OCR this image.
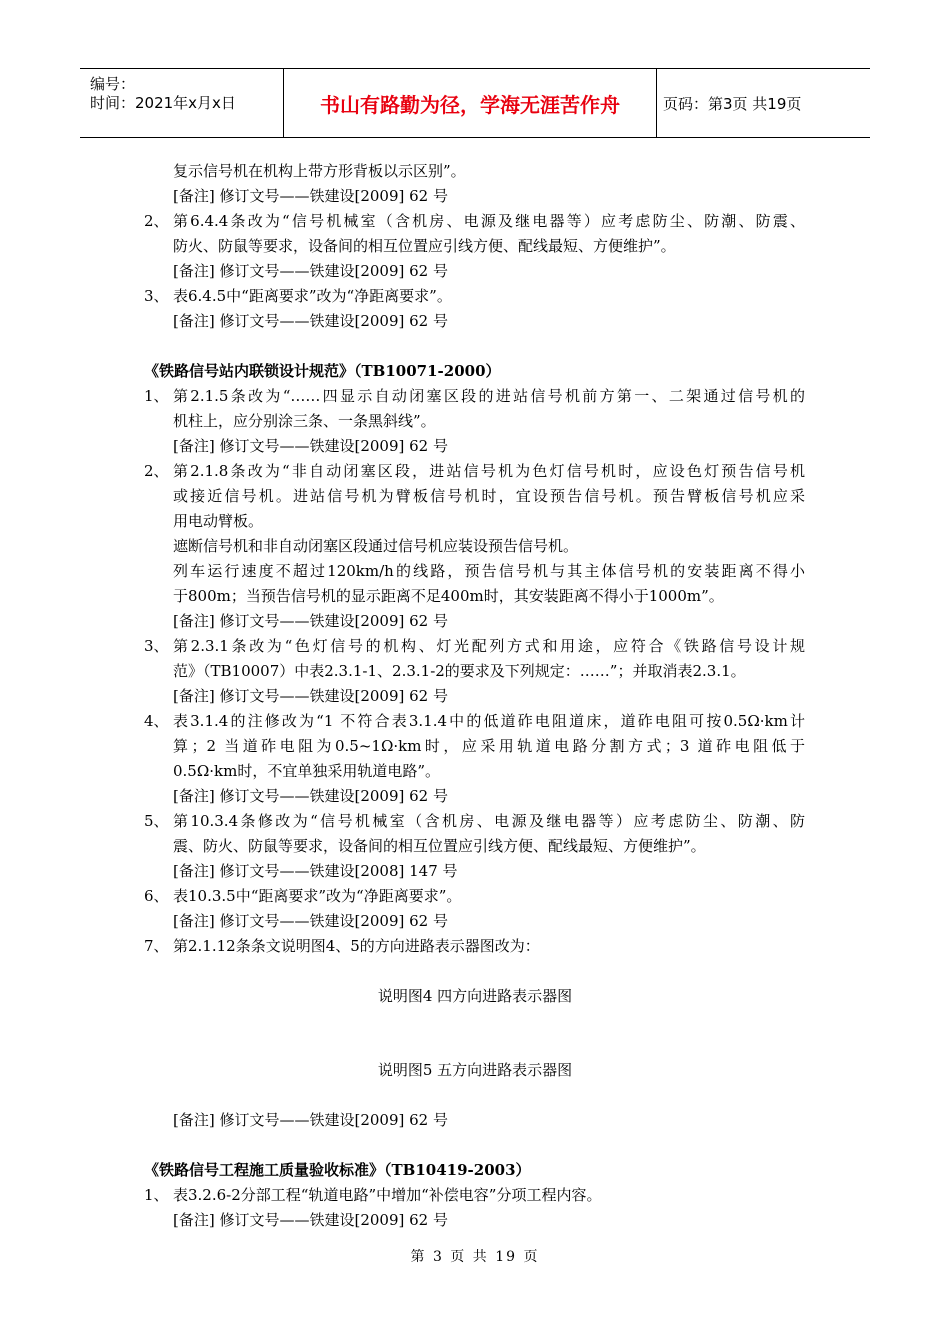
编号：
时间：2021年x月x日	书山有路勤为径，学海无涯苦作舟	页码：第3页 共19页
复示信号机在机构上带方形背板以示区别”。
[备注] 修订文号——铁建设[2009] 62 号
2、 第6.4.4条改为“信号机械室（含机房、电源及继电器等）应考虑防尘、防潮、防震、
防火、防鼠等要求，设备间的相互位置应引线方便、配线最短、方便维护”。
[备注] 修订文号——铁建设[2009] 62 号
3、 表6.4.5中“距离要求”改为“净距离要求”。
[备注] 修订文号——铁建设[2009] 62 号
《铁路信号站内联锁设计规范》（TB10071-2000）
1、 第2.1.5条改为“……四显示自动闭塞区段的进站信号机前方第一、二架通过信号机的
机柱上，应分别涂三条、一条黑斜线”。
[备注] 修订文号——铁建设[2009] 62 号
2、 第2.1.8条改为“非自动闭塞区段，进站信号机为色灯信号机时，应设色灯预告信号机
或接近信号机。进站信号机为臂板信号机时，宜设预告信号机。预告臂板信号机应采
用电动臂板。
遮断信号机和非自动闭塞区段通过信号机应装设预告信号机。
列车运行速度不超过120km/h的线路，预告信号机与其主体信号机的安装距离不得小
于800m；当预告信号机的显示距离不足400m时，其安装距离不得小于1000m”。
[备注] 修订文号——铁建设[2009] 62 号
3、 第2.3.1条改为“色灯信号的机构、灯光配列方式和用途，应符合《铁路信号设计规
范》（TB10007）中表2.3.1-1、2.3.1-2的要求及下列规定：……”；并取消表2.3.1。
[备注] 修订文号——铁建设[2009] 62 号
4、 表3.1.4的注修改为“1 不符合表3.1.4中的低道砟电阻道床，道砟电阻可按0.5Ω·km计
算；2 当道砟电阻为0.5~1Ω·km时，应采用轨道电路分割方式；3 道砟电阻低于
0.5Ω·km时，不宜单独采用轨道电路”。
[备注] 修订文号——铁建设[2009] 62 号
5、 第10.3.4条修改为“信号机械室（含机房、电源及继电器等）应考虑防尘、防潮、防
震、防火、防鼠等要求，设备间的相互位置应引线方便、配线最短、方便维护”。
[备注] 修订文号——铁建设[2008] 147 号
6、 表10.3.5中“距离要求”改为“净距离要求”。
[备注] 修订文号——铁建设[2009] 62 号
7、 第2.1.12条条文说明图4、5的方向进路表示器图改为：
说明图4 四方向进路表示器图
说明图5 五方向进路表示器图
[备注] 修订文号——铁建设[2009] 62 号
《铁路信号工程施工质量验收标准》（TB10419-2003）
1、 表3.2.6-2分部工程“轨道电路”中增加“补偿电容”分项工程内容。
[备注] 修订文号——铁建设[2009] 62 号
第 3 页 共 19 页
